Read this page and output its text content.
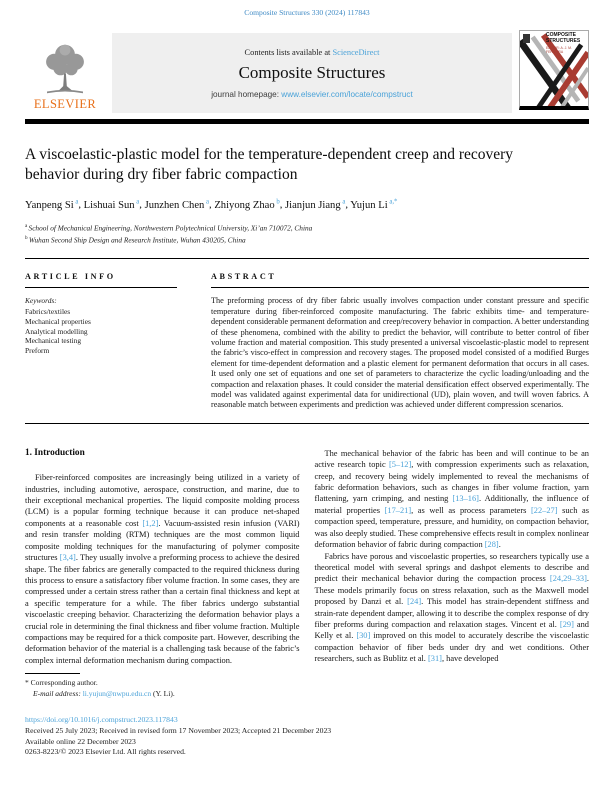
Composite Structures 330 (2024) 117843
ELSEVIER
Contents lists available at ScienceDirect
Composite Structures
journal homepage: www.elsevier.com/locate/compstruct
COMPOSITE STRUCTURES
EDITOR: A. J. M. FERREIRA
A viscoelastic-plastic model for the temperature-dependent creep and recovery behavior during dry fiber fabric compaction
Yanpeng Si $^a$, Lishuai Sun $^a$, Junzhen Chen $^a$, Zhiyong Zhao $^b$, Jianjun Jiang $^a$, Yujun Li $^{a,*}$
$^a$ School of Mechanical Engineering, Northwestern Polytechnical University, Xi’an 710072, China
$^b$ Wuhan Second Ship Design and Research Institute, Wuhan 430205, China
ARTICLE INFO
Keywords:
Fabrics/textiles
Mechanical properties
Analytical modelling
Mechanical testing
Preform
ABSTRACT
The preforming process of dry fiber fabric usually involves compaction under constant pressure and specific temperature during fiber-reinforced composite manufacturing. The fabric exhibits time- and temperature-dependent considerable permanent deformation and creep/recovery behavior in compaction. A better understanding of these phenomena, combined with the ability to predict the behavior, will contribute to better control of fiber volume fraction and material composition. This study presented a universal viscoelastic-plastic model to represent the fabric’s visco-effect in compression and recovery stages. The proposed model consisted of a modified Burges element for time-dependent deformation and a plastic element for permanent deformation that occurs in all cases. It used only one set of equations and one set of parameters to characterize the cyclic loading/unloading and the compaction and relaxation phases. It could consider the material densification effect observed experimentally. The model was validated against experimental data for unidirectional (UD), plain woven, and twill woven fabrics. A reasonable match between experiments and prediction was achieved under different compression scenarios.
1. Introduction

Fiber-reinforced composites are increasingly being utilized in a variety of industries, including automotive, aerospace, construction, and marine, due to their exceptional mechanical properties. The liquid composite molding process (LCM) is a popular forming technique because it can produce net-shaped components at a reasonable cost [1,2]. Vacuum-assisted resin infusion (VARI) and resin transfer molding (RTM) techniques are the most common liquid composite molding techniques for the manufacturing of polymer composite structures [3,4]. They usually involve a preforming process to achieve the desired shape. The fiber fabrics are generally compacted to the required thickness during this process to ensure a satisfactory fiber volume fraction. In some cases, they are compressed under a certain stress rather than a certain final thickness and kept at a specific temperature for a while. The fiber fabrics undergo substantial viscoelastic creeping behavior. Characterizing the deformation behavior plays a crucial role in determining the final thickness and fiber volume fraction. Multiple compactions may be required for a thick composite part. However, describing the deformation behavior of the material is a challenging task because of the fabric’s complex internal deformation mechanism during compaction.

The mechanical behavior of the fabric has been and will continue to be an active research topic [5–12], with compression experiments such as relaxation, creep, and recovery being widely implemented to reveal the mechanisms of fabric deformation behaviors, such as changes in fiber volume fraction, yarn flattening, yarn crimping, and nesting [13–16]. Additionally, the influence of material properties [17–21], as well as process parameters [22–27] such as compaction speed, temperature, pressure, and humidity, on compaction behavior, was also deeply studied. These comprehensive effects result in complex nonlinear deformation behavior of fabric during compaction [28].

Fabrics have porous and viscoelastic properties, so researchers typically use a theoretical model with several springs and dashpot elements to describe and predict their mechanical behavior during the compaction process [24,29–33]. These models primarily focus on stress relaxation, such as the Maxwell model proposed by Danzi et al. [24]. This model has strain-dependent stiffness and strain-rate dependent damper, allowing it to describe the complex response of dry fiber preforms during compaction and relaxation stages. Vincent et al. [29] and Kelly et al. [30] improved on this model to accurately describe the viscoelastic compaction behavior of fiber beds under dry and wet conditions. Other researchers, such as Bublitz et al. [31], have developed

* Corresponding author.
E-mail address: li.yujun@nwpu.edu.cn (Y. Li).
https://doi.org/10.1016/j.compstruct.2023.117843
Received 25 July 2023; Received in revised form 17 November 2023; Accepted 21 December 2023
Available online 22 December 2023
0263-8223/© 2023 Elsevier Ltd. All rights reserved.
